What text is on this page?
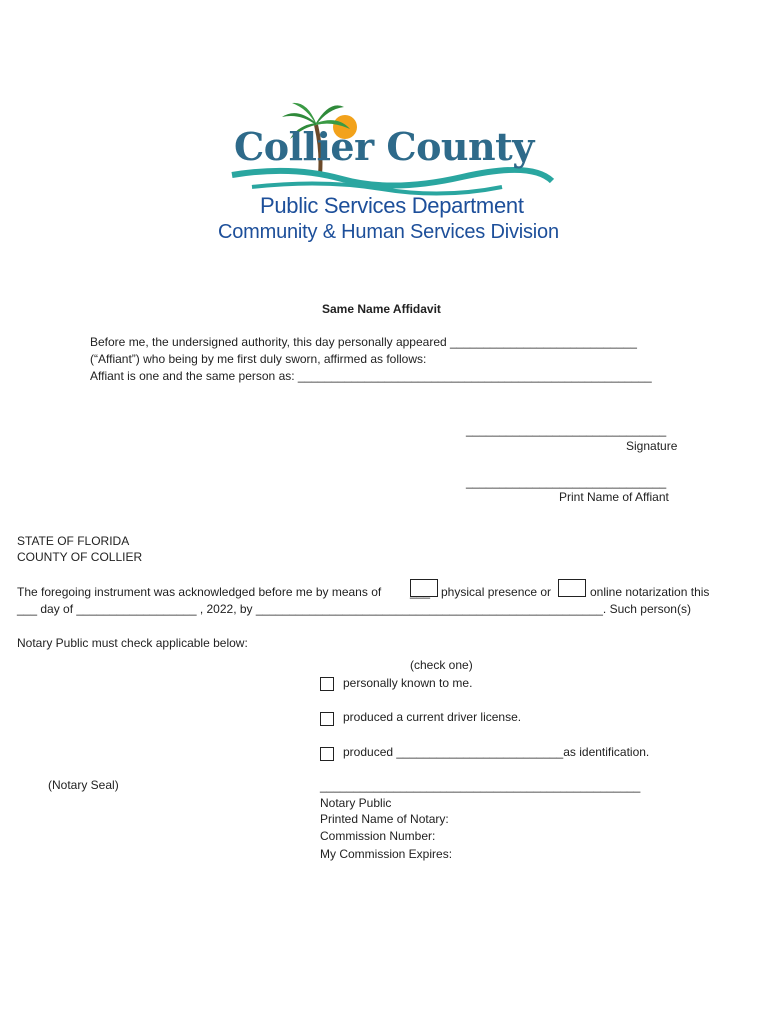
Collier County
Public Services Department
Community & Human Services Division
Same Name Affidavit
Before me, the undersigned authority, this day personally appeared ____________________________
(“Affiant”) who being by me first duly sworn, affirmed as follows:
Affiant is one and the same person as: _____________________________________________________
______________________________
Signature
______________________________
Print Name of Affiant
STATE OF FLORIDA
COUNTY OF COLLIER
The foregoing instrument was acknowledged before me by means of ___ physical presence or	online notarization this
___ day of __________________ , 2022, by ____________________________________________________. Such person(s)
Notary Public must check applicable below:
(check one)
personally known to me.
produced a current driver license.
produced _________________________as identification.
(Notary Seal)	________________________________________________
Notary Public
Printed Name of Notary:
Commission Number:
My Commission Expires:
